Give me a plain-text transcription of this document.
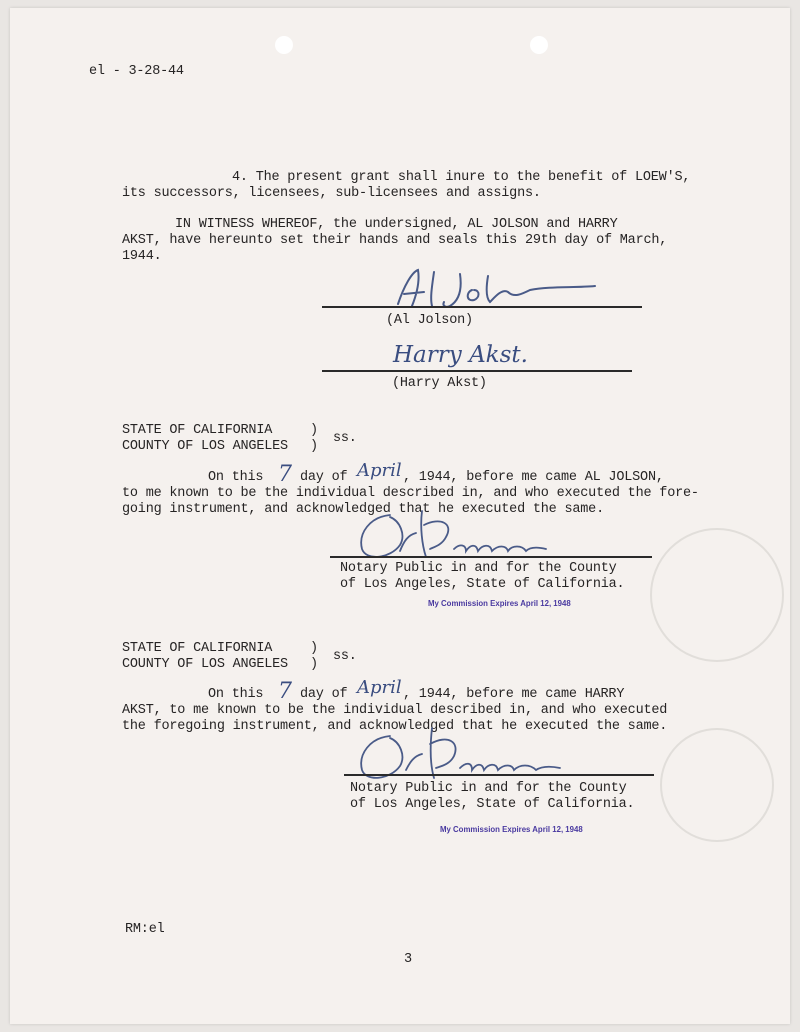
el - 3-28-44
4. The present grant shall inure to the benefit of LOEW'S,
its successors, licensees, sub-licensees and assigns.
IN WITNESS WHEREOF, the undersigned, AL JOLSON and HARRY
AKST, have hereunto set their hands and seals this 29th day of March,
1944.
(Al Jolson)
Harry Akst.
(Harry Akst)
STATE OF CALIFORNIA
COUNTY OF LOS ANGELES
)
)
ss.
On this 7 day of April , 1944, before me came AL JOLSON,
to me known to be the individual described in, and who executed the fore-
going instrument, and acknowledged that he executed the same.
Notary Public in and for the County
of Los Angeles, State of California.
My Commission Expires April 12, 1948
STATE OF CALIFORNIA
COUNTY OF LOS ANGELES
)
)
ss.
On this 7 day of April , 1944, before me came HARRY
AKST, to me known to be the individual described in, and who executed
the foregoing instrument, and acknowledged that he executed the same.
Notary Public in and for the County
of Los Angeles, State of California.
My Commission Expires April 12, 1948
RM:el
3
